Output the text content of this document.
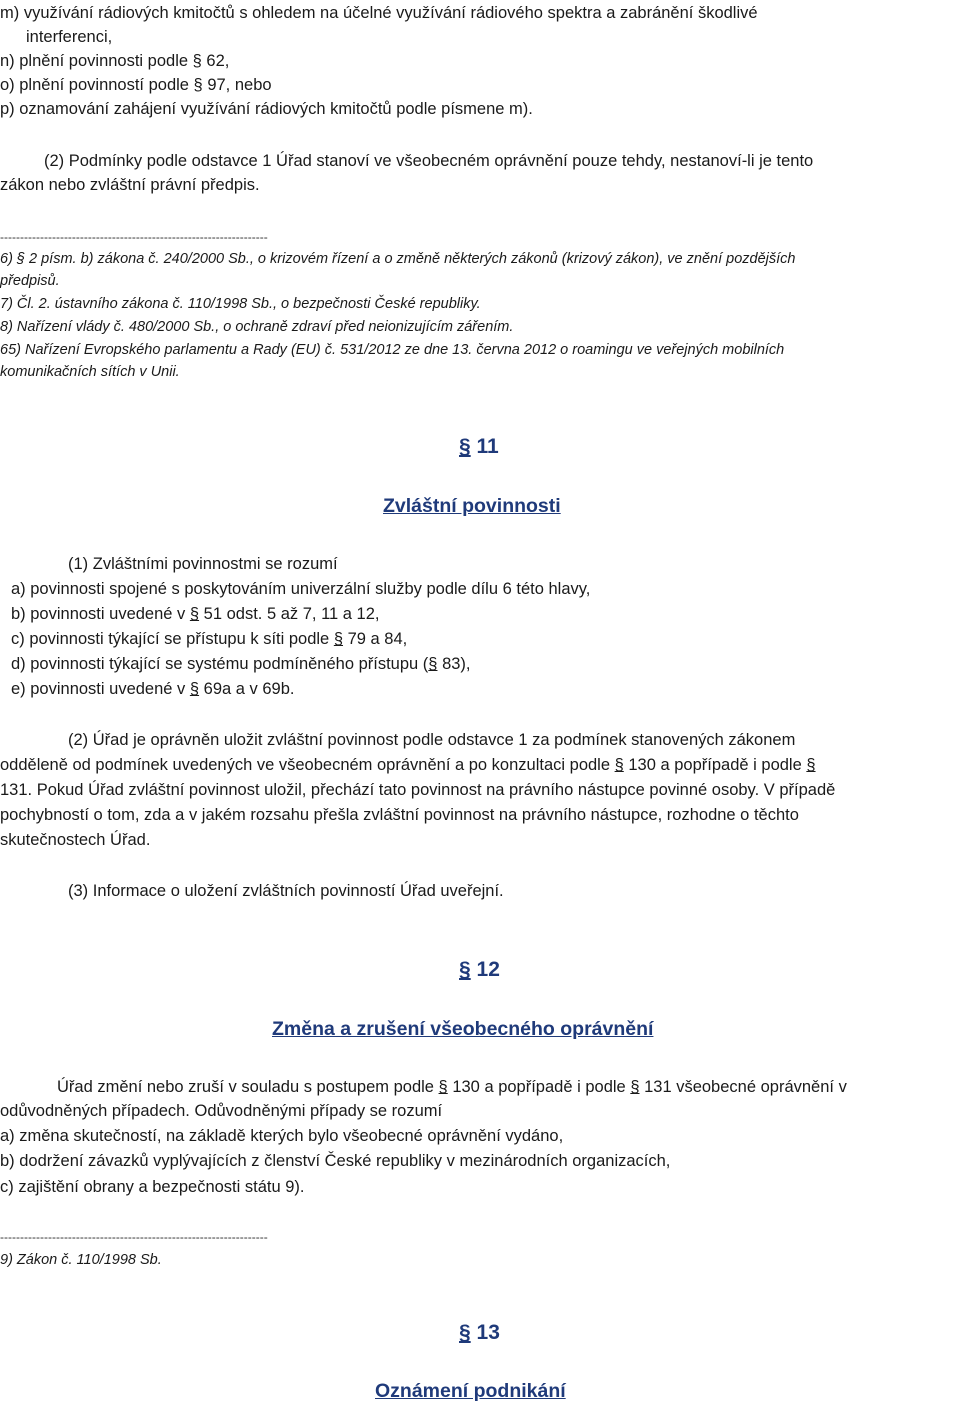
m) využívání rádiových kmitočtů s ohledem na účelné využívání rádiového spektra a zabránění škodlivé
interferenci,
n) plnění povinnosti podle § 62,
o) plnění povinností podle § 97, nebo
p) oznamování zahájení využívání rádiových kmitočtů podle písmene m).
(2) Podmínky podle odstavce 1 Úřad stanoví ve všeobecném oprávnění pouze tehdy, nestanoví-li je tento
zákon nebo zvláštní právní předpis.
-------------------------------------------------------------------
6) § 2 písm. b) zákona č. 240/2000 Sb., o krizovém řízení a o změně některých zákonů (krizový zákon), ve znění pozdějších
předpisů.
7) Čl. 2. ústavního zákona č. 110/1998 Sb., o bezpečnosti České republiky.
8) Nařízení vlády č. 480/2000 Sb., o ochraně zdraví před neionizujícím zářením.
65) Nařízení Evropského parlamentu a Rady (EU) č. 531/2012 ze dne 13. června 2012 o roamingu ve veřejných mobilních
komunikačních sítích v Unii.
§ 11
Zvláštní povinnosti
(1) Zvláštními povinnostmi se rozumí
a) povinnosti spojené s poskytováním univerzální služby podle dílu 6 této hlavy,
b) povinnosti uvedené v § 51 odst. 5 až 7, 11 a 12,
c) povinnosti týkající se přístupu k síti podle § 79 a 84,
d) povinnosti týkající se systému podmíněného přístupu (§ 83),
e) povinnosti uvedené v § 69a a v 69b.
(2) Úřad je oprávněn uložit zvláštní povinnost podle odstavce 1 za podmínek stanovených zákonem
odděleně od podmínek uvedených ve všeobecném oprávnění a po konzultaci podle § 130 a popřípadě i podle §
131. Pokud Úřad zvláštní povinnost uložil, přechází tato povinnost na právního nástupce povinné osoby. V případě
pochybností o tom, zda a v jakém rozsahu přešla zvláštní povinnost na právního nástupce, rozhodne o těchto
skutečnostech Úřad.
(3) Informace o uložení zvláštních povinností Úřad uveřejní.
§ 12
Změna a zrušení všeobecného oprávnění
Úřad změní nebo zruší v souladu s postupem podle § 130 a popřípadě i podle § 131 všeobecné oprávnění v
odůvodněných případech. Odůvodněnými případy se rozumí
a) změna skutečností, na základě kterých bylo všeobecné oprávnění vydáno,
b) dodržení závazků vyplývajících z členství České republiky v mezinárodních organizacích,
c) zajištění obrany a bezpečnosti státu 9).
-------------------------------------------------------------------
9) Zákon č. 110/1998 Sb.
§ 13
Oznámení podnikání
